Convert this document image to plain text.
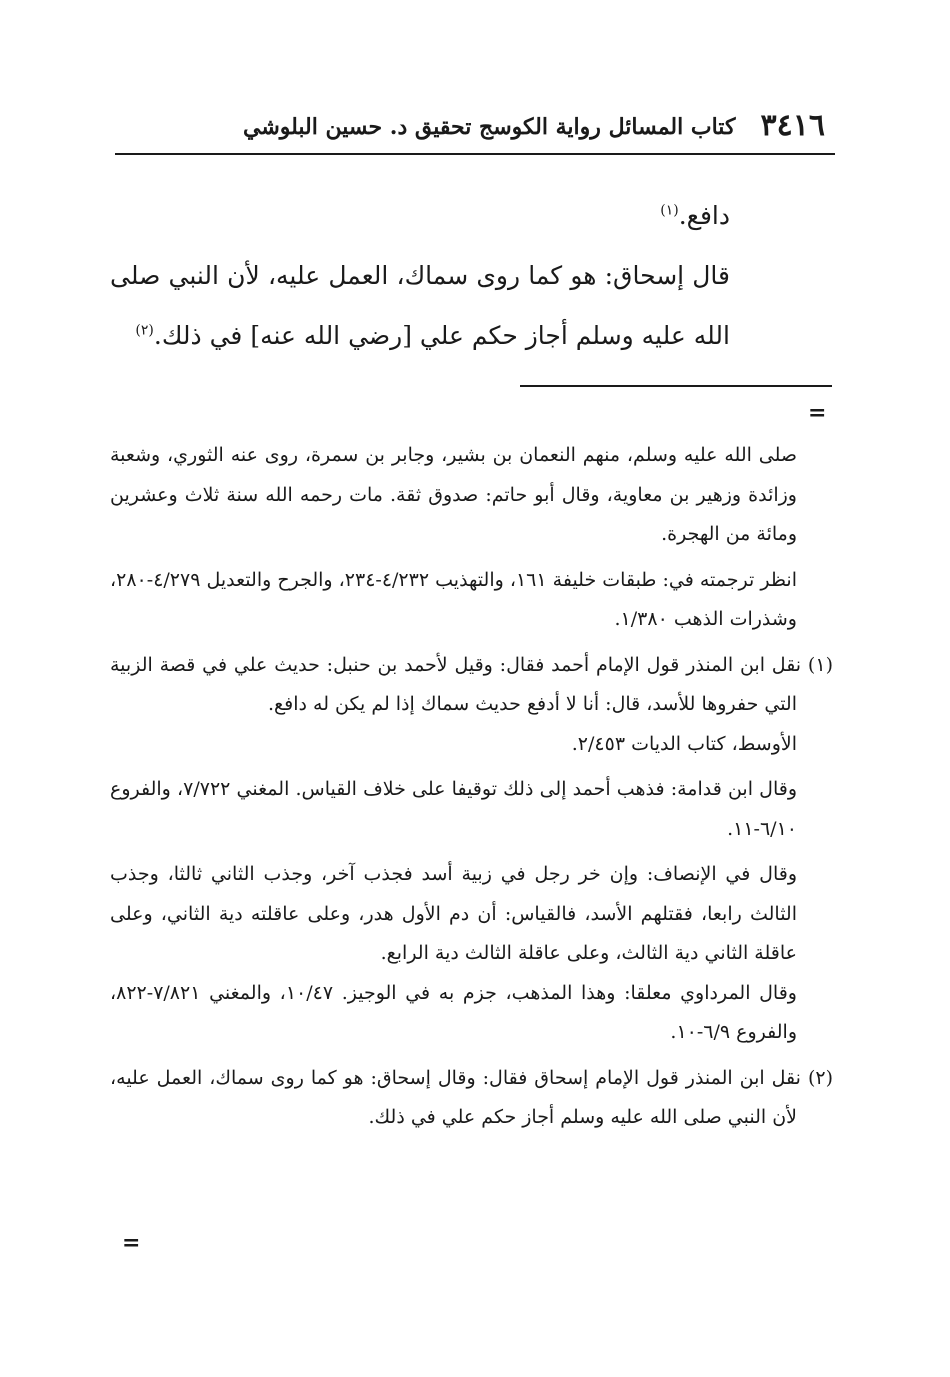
٣٤١٦
كتاب المسائل رواية الكوسج تحقيق د. حسين البلوشي

دافع.$^{(١)}$

قال إسحاق: هو كما روى سماك، العمل عليه، لأن النبي صلى الله عليه وسلم أجاز حكم علي [رضي الله عنه] في ذلك.$^{(٢)}$

=

صلى الله عليه وسلم، منهم النعمان بن بشير، وجابر بن سمرة، روى عنه الثوري، وشعبة وزائدة وزهير بن معاوية، وقال أبو حاتم: صدوق ثقة. مات رحمه الله سنة ثلاث وعشرين ومائة من الهجرة.

انظر ترجمته في: طبقات خليفة ١٦١، والتهذيب ٤/٢٣٢-٢٣٤، والجرح والتعديل ٤/٢٧٩-٢٨٠، وشذرات الذهب ١/٣٨٠.

(١) نقل ابن المنذر قول الإمام أحمد فقال: وقيل لأحمد بن حنبل: حديث علي في قصة الزبية التي حفروها للأسد، قال: أنا لا أدفع حديث سماك إذا لم يكن له دافع.

الأوسط، كتاب الديات ٢/٤٥٣.

وقال ابن قدامة: فذهب أحمد إلى ذلك توقيفا على خلاف القياس. المغني ٧/٧٢٢، والفروع ٦/١٠-١١.

وقال في الإنصاف: وإن خر رجل في زبية أسد فجذب آخر، وجذب الثاني ثالثا، وجذب الثالث رابعا، فقتلهم الأسد، فالقياس: أن دم الأول هدر، وعلى عاقلته دية الثاني، وعلى عاقلة الثاني دية الثالث، وعلى عاقلة الثالث دية الرابع.

وقال المرداوي معلقا: وهذا المذهب، جزم به في الوجيز. ١٠/٤٧، والمغني ٧/٨٢١-٨٢٢، والفروع ٦/٩-١٠.

(٢) نقل ابن المنذر قول الإمام إسحاق فقال: وقال إسحاق: هو كما روى سماك، العمل عليه، لأن النبي صلى الله عليه وسلم أجاز حكم علي في ذلك.

=
